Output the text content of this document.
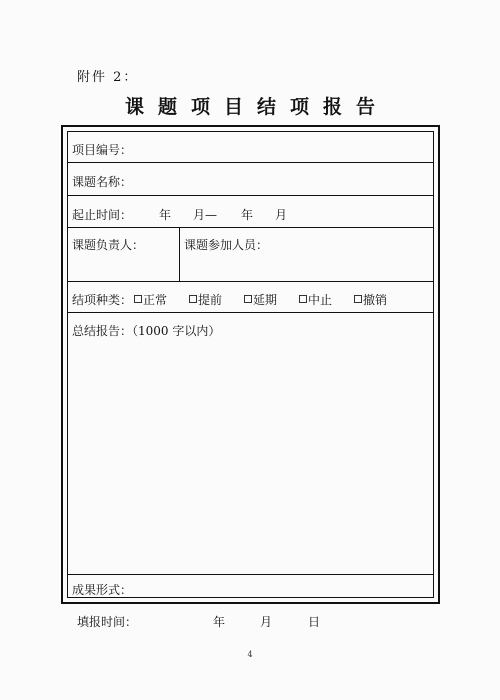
附件 2：
课题项目结项报告
项目编号：
课题名称：
起止时间： 年 月— 年 月
课题负责人：	课题参加人员：
结项种类： 正常	提前	延期	中止	撤销
总结报告：（1000 字以内）
成果形式：
填报时间：	年	月	日
4
